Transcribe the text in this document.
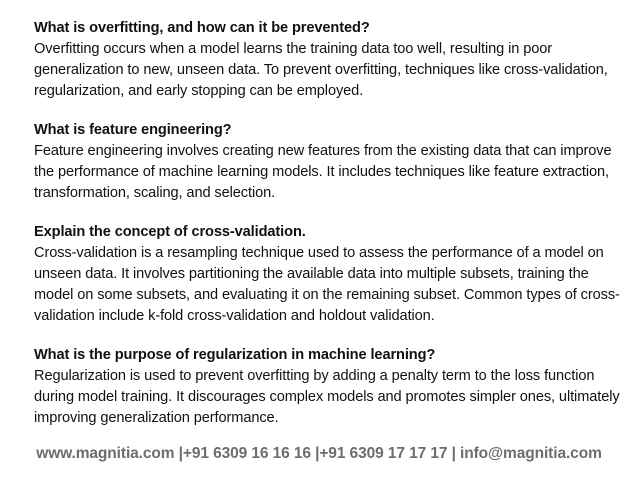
What is overfitting, and how can it be prevented?
Overfitting occurs when a model learns the training data too well, resulting in poor generalization to new, unseen data. To prevent overfitting, techniques like cross-validation, regularization, and early stopping can be employed.
What is feature engineering?
Feature engineering involves creating new features from the existing data that can improve the performance of machine learning models. It includes techniques like feature extraction, transformation, scaling, and selection.
Explain the concept of cross-validation.
Cross-validation is a resampling technique used to assess the performance of a model on unseen data. It involves partitioning the available data into multiple subsets, training the model on some subsets, and evaluating it on the remaining subset. Common types of cross-validation include k-fold cross-validation and holdout validation.
What is the purpose of regularization in machine learning?
Regularization is used to prevent overfitting by adding a penalty term to the loss function during model training. It discourages complex models and promotes simpler ones, ultimately improving generalization performance.
www.magnitia.com |+91 6309 16 16 16 |+91 6309 17 17 17 | info@magnitia.com
